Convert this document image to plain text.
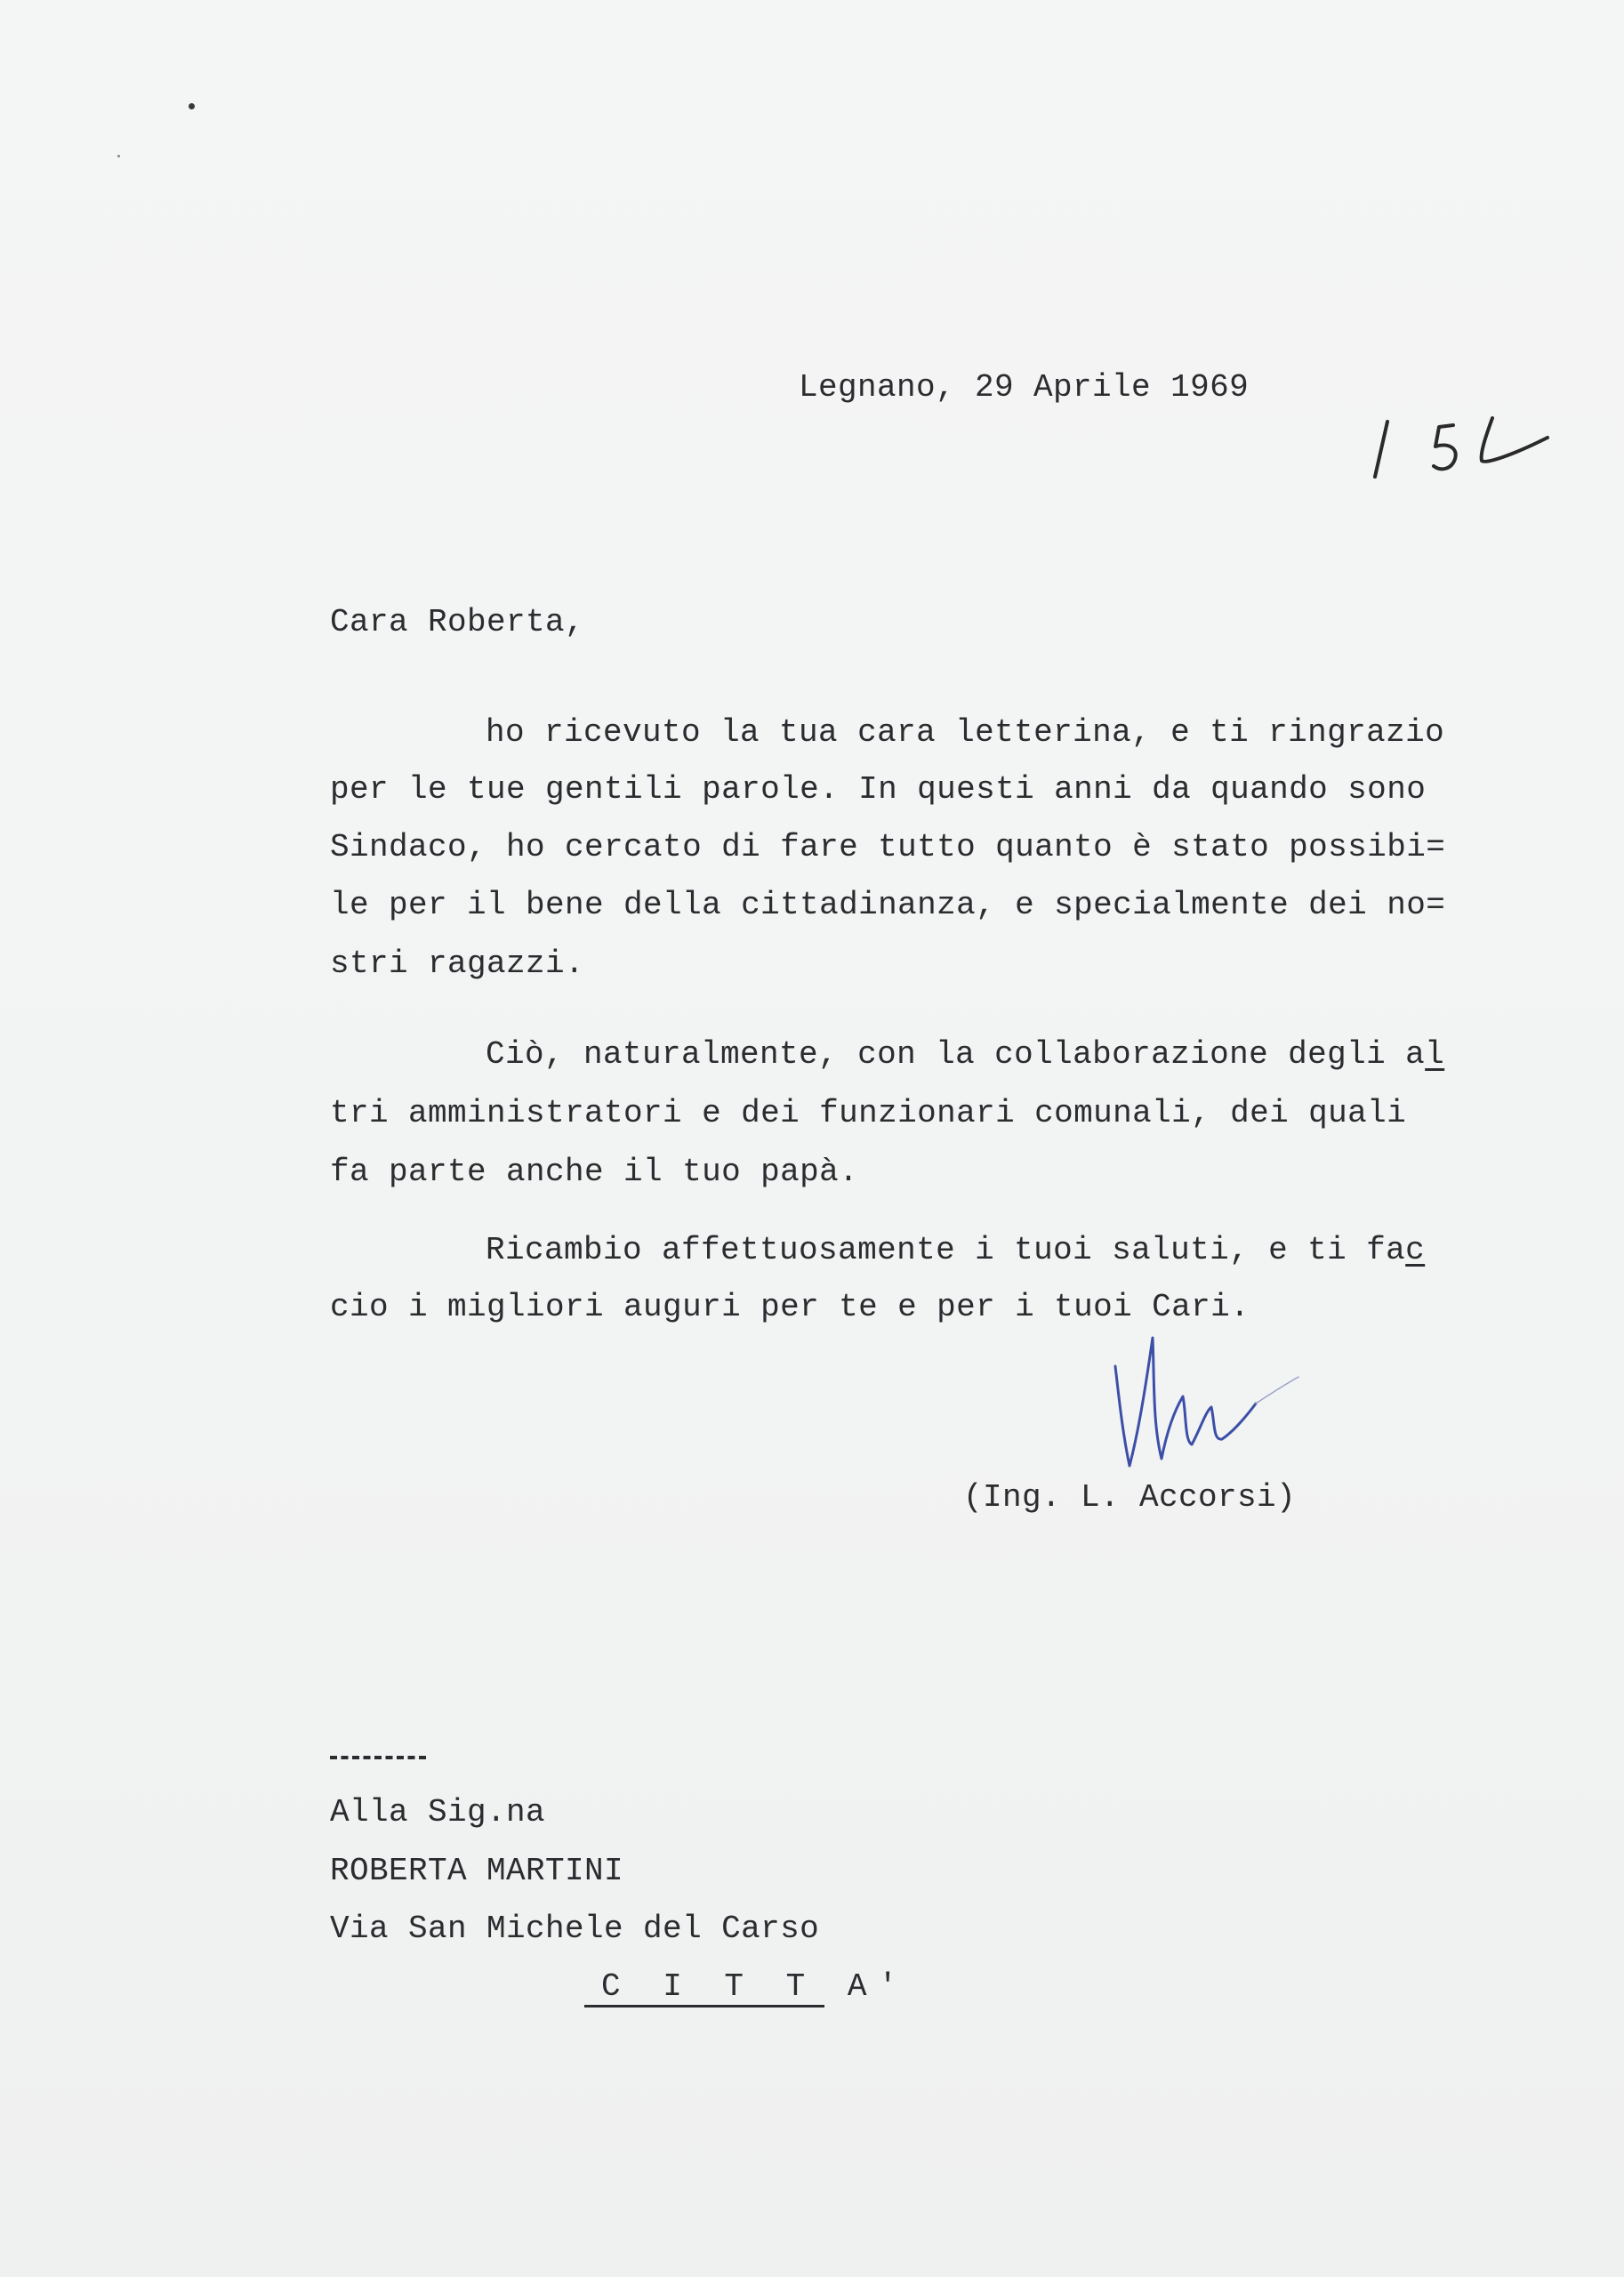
Legnano, 29 Aprile 1969
Cara Roberta,
ho ricevuto la tua cara letterina, e ti ringrazio
per le tue gentili parole. In questi anni da quando sono
Sindaco, ho cercato di fare tutto quanto è stato possibi=
le per il bene della cittadinanza, e specialmente dei no=
stri ragazzi.
Ciò, naturalmente, con la collaborazione degli al
tri amministratori e dei funzionari comunali, dei quali
fa parte anche il tuo papà.
Ricambio affettuosamente i tuoi saluti, e ti fac
cio i migliori auguri per te e per i tuoi Cari.
(Ing. L. Accorsi)
Alla Sig.na
ROBERTA MARTINI
Via San Michele del Carso
C I T T A'
